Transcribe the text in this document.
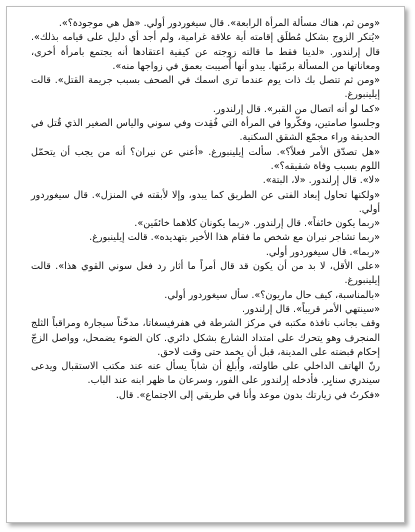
«ومن ثم، هناك مسألة المرأة الرابعة». قال سيغوردور أولي. «هل هي موجودة؟».

«يُنكر الزوج بشكل مُطلَق إقامته أية علاقة غرامية، ولم أجد أي دليل على قيامه بذلك». قال إرلندور. «لدينا فقط ما قالته زوجته عن كيفية اعتقادها أنه يجتمع بامرأة أخرى، ومعاناتها من المسألة برمّتها. يبدو أنها أُصيبت بعمق في زواجها منه».

«ومن ثم تتصل بك ذات يوم عندما ترى اسمك في الصحف بسبب جريمة القتل». قالت إيلينبورغ.

«كما لو أنه اتصال من القبر». قال إرلندور.

وجلسوا صامتين، وفكّروا في المرأة التي فُقِدت وفي سوني والياس الصغير الذي قُتل في الحديقة وراء مجمّع الشقق السكنية.

«هل تصدّق الأمر فعلاً؟». سألت إيلينبورغ. «أعني عن نيران؟ أنه من يجب أن يتحمّل اللوم بسبب وفاة شقيقه؟».

«لا». قال إرلندور. «لا، البتة».

«ولكنها تحاول إبعاد الفتى عن الطريق كما يبدو، وإلا لأبقته في المنزل». قال سيغوردور أولي.

«ربما يكون خائفاً». قال إرلندور. «ربما يكونان كلاهما خائفَين».

«ربما تشاجر نيران مع شخص ما فقام هذا الأخير بتهديده». قالت إيلينبورغ.

«ربما». قال سيغوردور أولي.

«على الأقل، لا بد من أن يكون قد قال أمراً ما أثار رد فعل سوني القوي هذا». قالت إيلينبورغ.

«بالمناسبة، كيف حال ماريون؟». سأل سيغوردور أولي.

«سينتهي الأمر قريباً». قال إرلندور.

وقف بجانب نافذة مكتبه في مركز الشرطة في هفرفيسغاتا، مدخّناً سيجارة ومراقباً الثلج المنجرف وهو يتحرك على امتداد الشارع بشكل دائري. كان الضوء يضمحل، وواصل الزجّ إحكام قبضته على المدينة، قبل أن يخمد حتى وقت لاحق.

رنّ الهاتف الداخلي على طاولته، وأُبلغ أن شاباً يسأل عنه عند مكتب الاستقبال ويدعى سيندري سنايِر. فأدخله إرلندور على الفور، وسرعان ما ظهر ابنه عند الباب.

«فكرتُ في زيارتك بدون موعد وأنا في طريقي إلى الاجتماع». قال.
